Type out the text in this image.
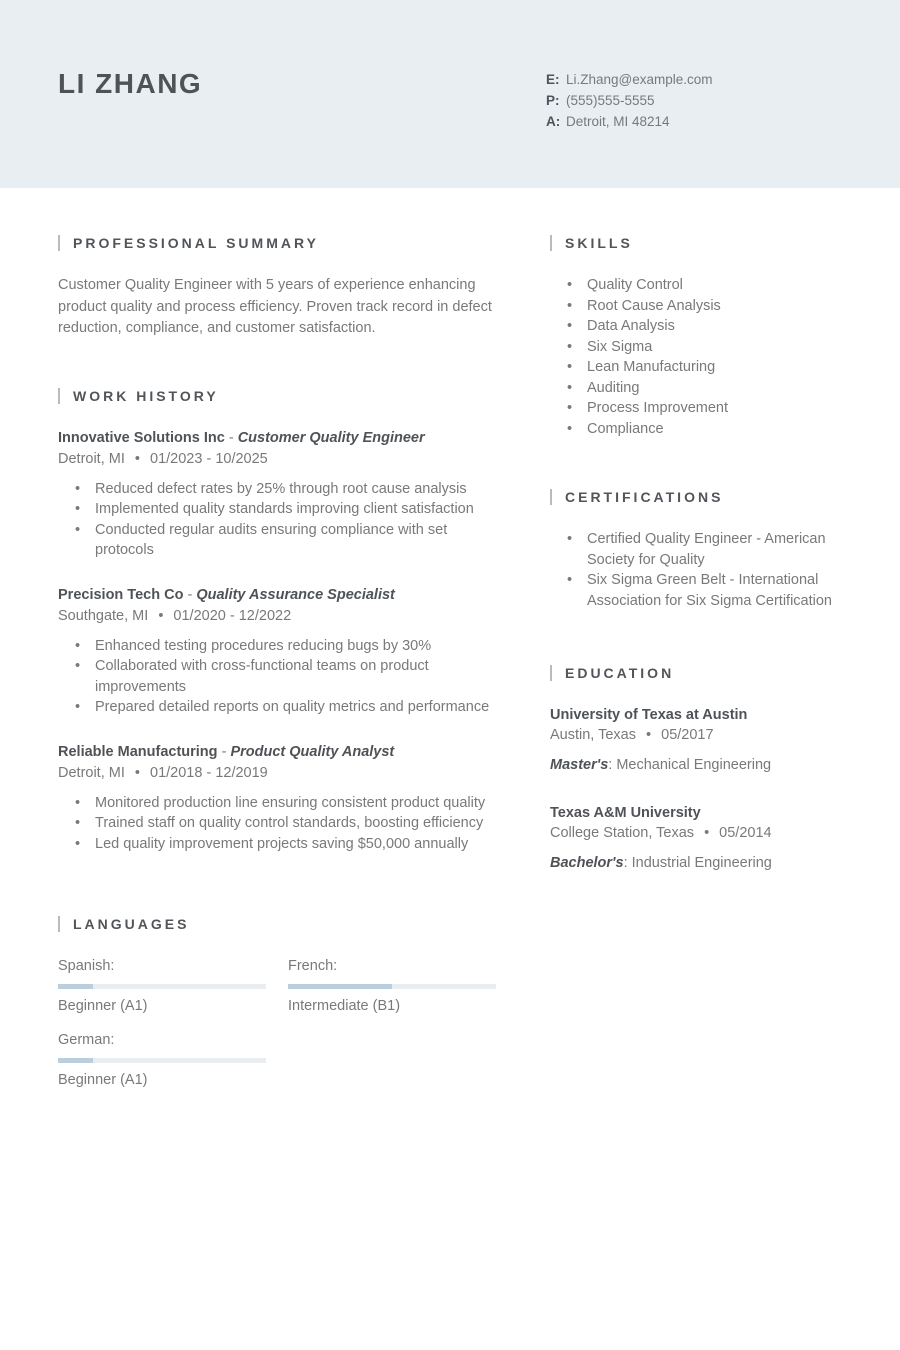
LI ZHANG	E: Li.Zhang@example.com
P: (555)555-5555
A: Detroit, MI 48214
PROFESSIONAL SUMMARY

Customer Quality Engineer with 5 years of experience enhancing product quality and process efficiency. Proven track record in defect reduction, compliance, and customer satisfaction.

WORK HISTORY
Innovative Solutions Inc - Customer Quality Engineer
Detroit, MI • 01/2023 - 10/2025
• Reduced defect rates by 25% through root cause analysis
• Implemented quality standards improving client satisfaction
• Conducted regular audits ensuring compliance with set protocols
Precision Tech Co - Quality Assurance Specialist
Southgate, MI • 01/2020 - 12/2022
• Enhanced testing procedures reducing bugs by 30%
• Collaborated with cross-functional teams on product improvements
• Prepared detailed reports on quality metrics and performance
Reliable Manufacturing - Product Quality Analyst
Detroit, MI • 01/2018 - 12/2019
• Monitored production line ensuring consistent product quality
• Trained staff on quality control standards, boosting efficiency
• Led quality improvement projects saving $50,000 annually
LANGUAGES
Spanish:
Beginner (A1)
French:
Intermediate (B1)
German:
Beginner (A1)
SKILLS
• Quality Control
• Root Cause Analysis
• Data Analysis
• Six Sigma
• Lean Manufacturing
• Auditing
• Process Improvement
• Compliance
CERTIFICATIONS
• Certified Quality Engineer - American Society for Quality
• Six Sigma Green Belt - International Association for Six Sigma Certification
EDUCATION
University of Texas at Austin
Austin, Texas • 05/2017
Master's: Mechanical Engineering
Texas A&M University
College Station, Texas • 05/2014
Bachelor's: Industrial Engineering
